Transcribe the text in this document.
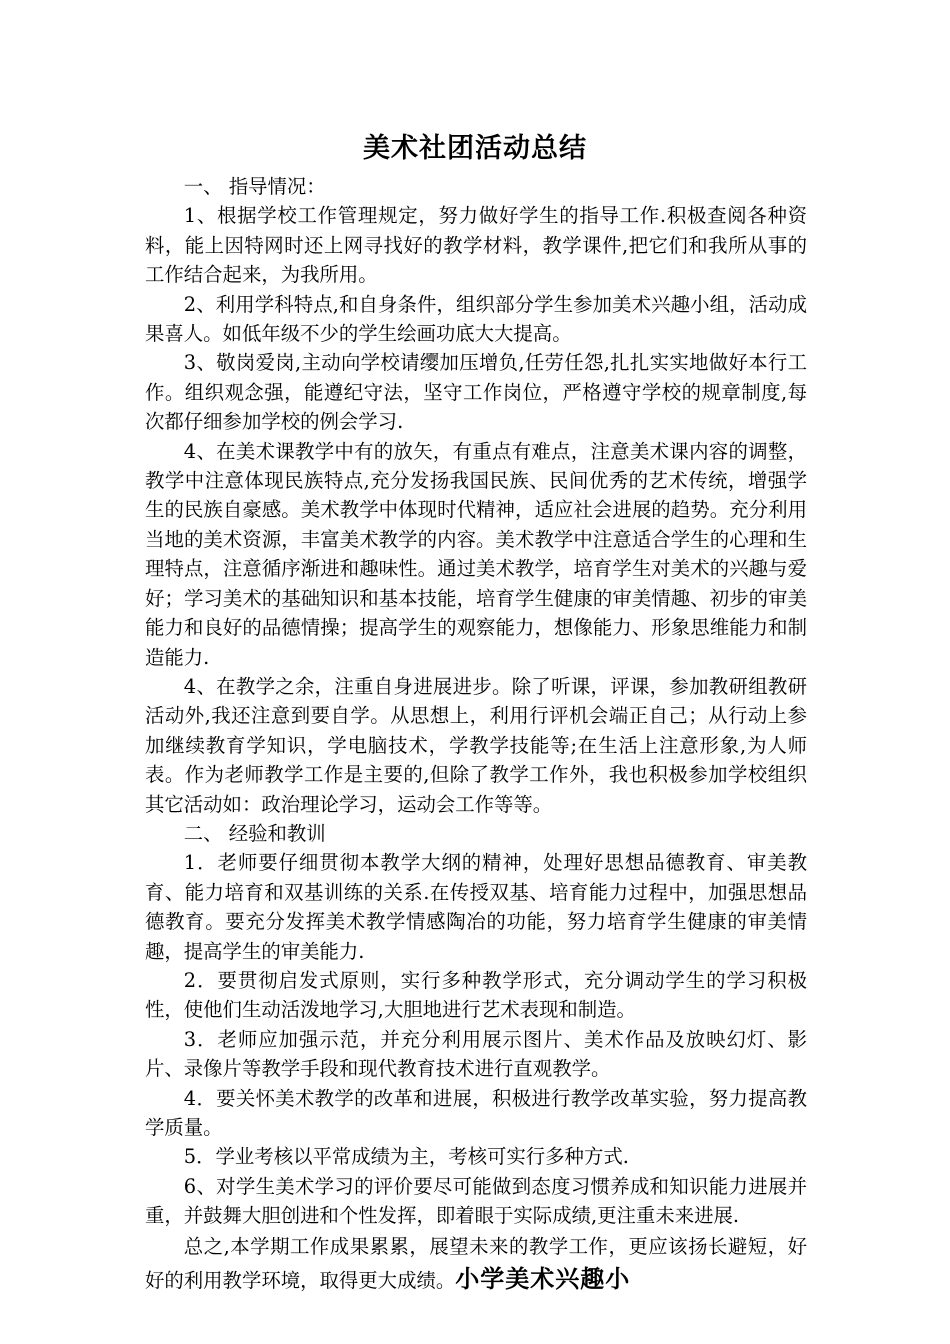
美术社团活动总结

一、 指导情况：

1、根据学校工作管理规定，努力做好学生的指导工作.积极查阅各种资料，能上因特网时还上网寻找好的教学材料，教学课件,把它们和我所从事的工作结合起来，为我所用。

2、利用学科特点,和自身条件，组织部分学生参加美术兴趣小组，活动成果喜人。如低年级不少的学生绘画功底大大提高。

3、敬岗爱岗,主动向学校请缨加压增负,任劳任怨,扎扎实实地做好本行工作。组织观念强，能遵纪守法，坚守工作岗位，严格遵守学校的规章制度,每次都仔细参加学校的例会学习.

4、在美术课教学中有的放矢，有重点有难点，注意美术课内容的调整，教学中注意体现民族特点,充分发扬我国民族、民间优秀的艺术传统，增强学生的民族自豪感。美术教学中体现时代精神，适应社会进展的趋势。充分利用当地的美术资源，丰富美术教学的内容。美术教学中注意适合学生的心理和生理特点，注意循序渐进和趣味性。通过美术教学，培育学生对美术的兴趣与爱好；学习美术的基础知识和基本技能，培育学生健康的审美情趣、初步的审美能力和良好的品德情操；提高学生的观察能力，想像能力、形象思维能力和制造能力.

4、在教学之余，注重自身进展进步。除了听课，评课，参加教研组教研活动外,我还注意到要自学。从思想上，利用行评机会端正自己；从行动上参加继续教育学知识，学电脑技术，学教学技能等;在生活上注意形象,为人师表。作为老师教学工作是主要的,但除了教学工作外，我也积极参加学校组织其它活动如：政治理论学习，运动会工作等等。

二、 经验和教训

1．老师要仔细贯彻本教学大纲的精神，处理好思想品德教育、审美教育、能力培育和双基训练的关系.在传授双基、培育能力过程中，加强思想品德教育。要充分发挥美术教学情感陶冶的功能，努力培育学生健康的审美情趣，提高学生的审美能力.

2．要贯彻启发式原则，实行多种教学形式，充分调动学生的学习积极性，使他们生动活泼地学习,大胆地进行艺术表现和制造。

3．老师应加强示范，并充分利用展示图片、美术作品及放映幻灯、影片、录像片等教学手段和现代教育技术进行直观教学。

4．要关怀美术教学的改革和进展，积极进行教学改革实验，努力提高教学质量。

5．学业考核以平常成绩为主，考核可实行多种方式.

6、对学生美术学习的评价要尽可能做到态度习惯养成和知识能力进展并重，并鼓舞大胆创进和个性发挥，即着眼于实际成绩,更注重未来进展.

总之,本学期工作成果累累，展望未来的教学工作，更应该扬长避短，好好的利用教学环境，取得更大成绩。小学美术兴趣小
